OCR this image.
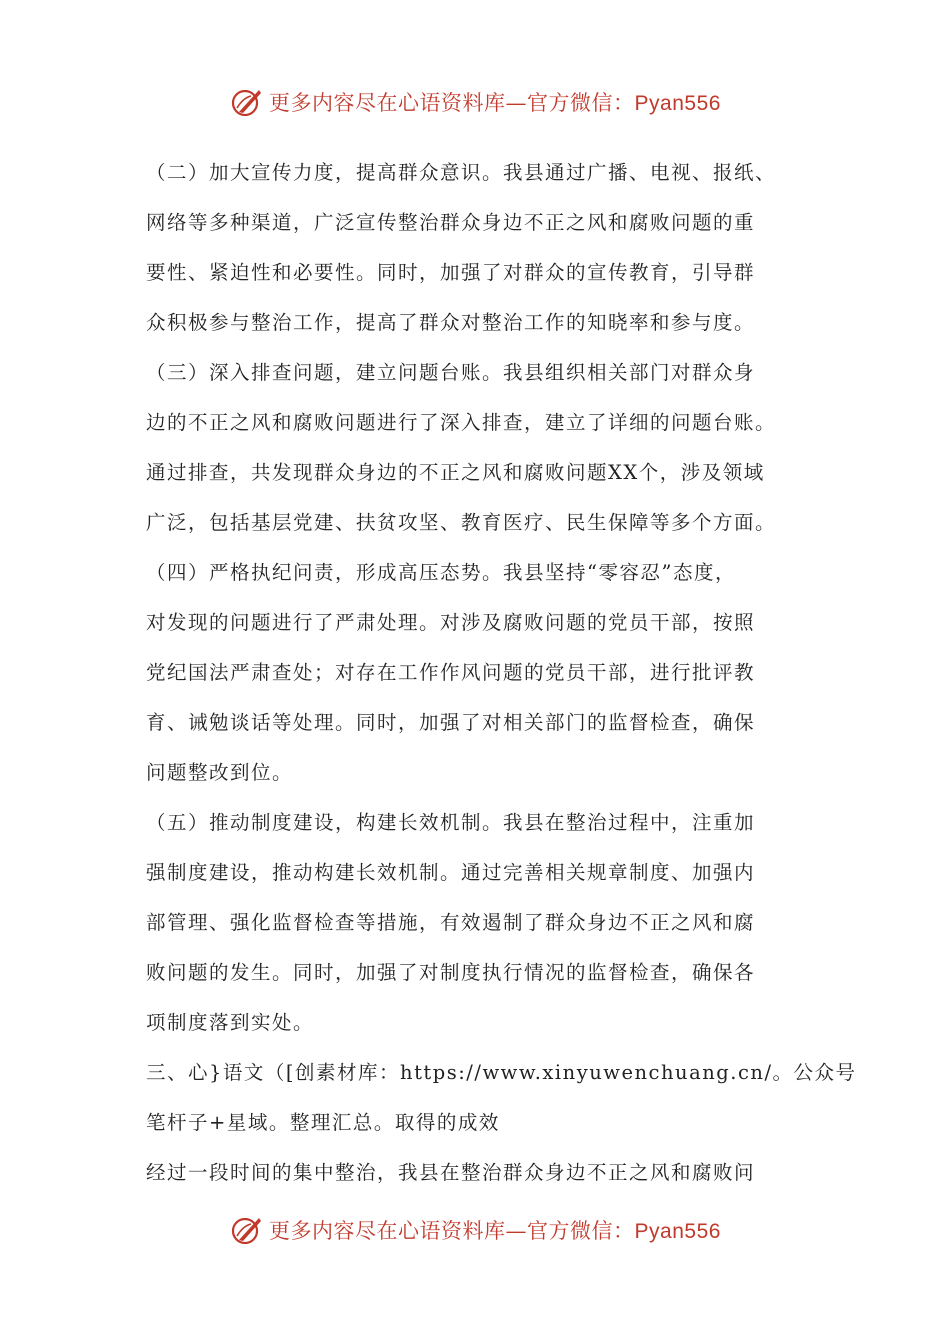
更多内容尽在心语资料库—官方微信：Pyan556
（二）加大宣传力度，提高群众意识。我县通过广播、电视、报纸、
网络等多种渠道，广泛宣传整治群众身边不正之风和腐败问题的重
要性、紧迫性和必要性。同时，加强了对群众的宣传教育，引导群
众积极参与整治工作，提高了群众对整治工作的知晓率和参与度。
（三）深入排查问题，建立问题台账。我县组织相关部门对群众身
边的不正之风和腐败问题进行了深入排查，建立了详细的问题台账。
通过排查，共发现群众身边的不正之风和腐败问题XX个，涉及领域
广泛，包括基层党建、扶贫攻坚、教育医疗、民生保障等多个方面。
（四）严格执纪问责，形成高压态势。我县坚持“零容忍”态度，
对发现的问题进行了严肃处理。对涉及腐败问题的党员干部，按照
党纪国法严肃查处；对存在工作作风问题的党员干部，进行批评教
育、诫勉谈话等处理。同时，加强了对相关部门的监督检查，确保
问题整改到位。
（五）推动制度建设，构建长效机制。我县在整治过程中，注重加
强制度建设，推动构建长效机制。通过完善相关规章制度、加强内
部管理、强化监督检查等措施，有效遏制了群众身边不正之风和腐
败问题的发生。同时，加强了对制度执行情况的监督检查，确保各
项制度落到实处。
三、心}语文（[创素材库：https://www.xinyuwenchuang.cn/。公众号
笔杆子+星域。整理汇总。取得的成效
经过一段时间的集中整治，我县在整治群众身边不正之风和腐败问
更多内容尽在心语资料库—官方微信：Pyan556
